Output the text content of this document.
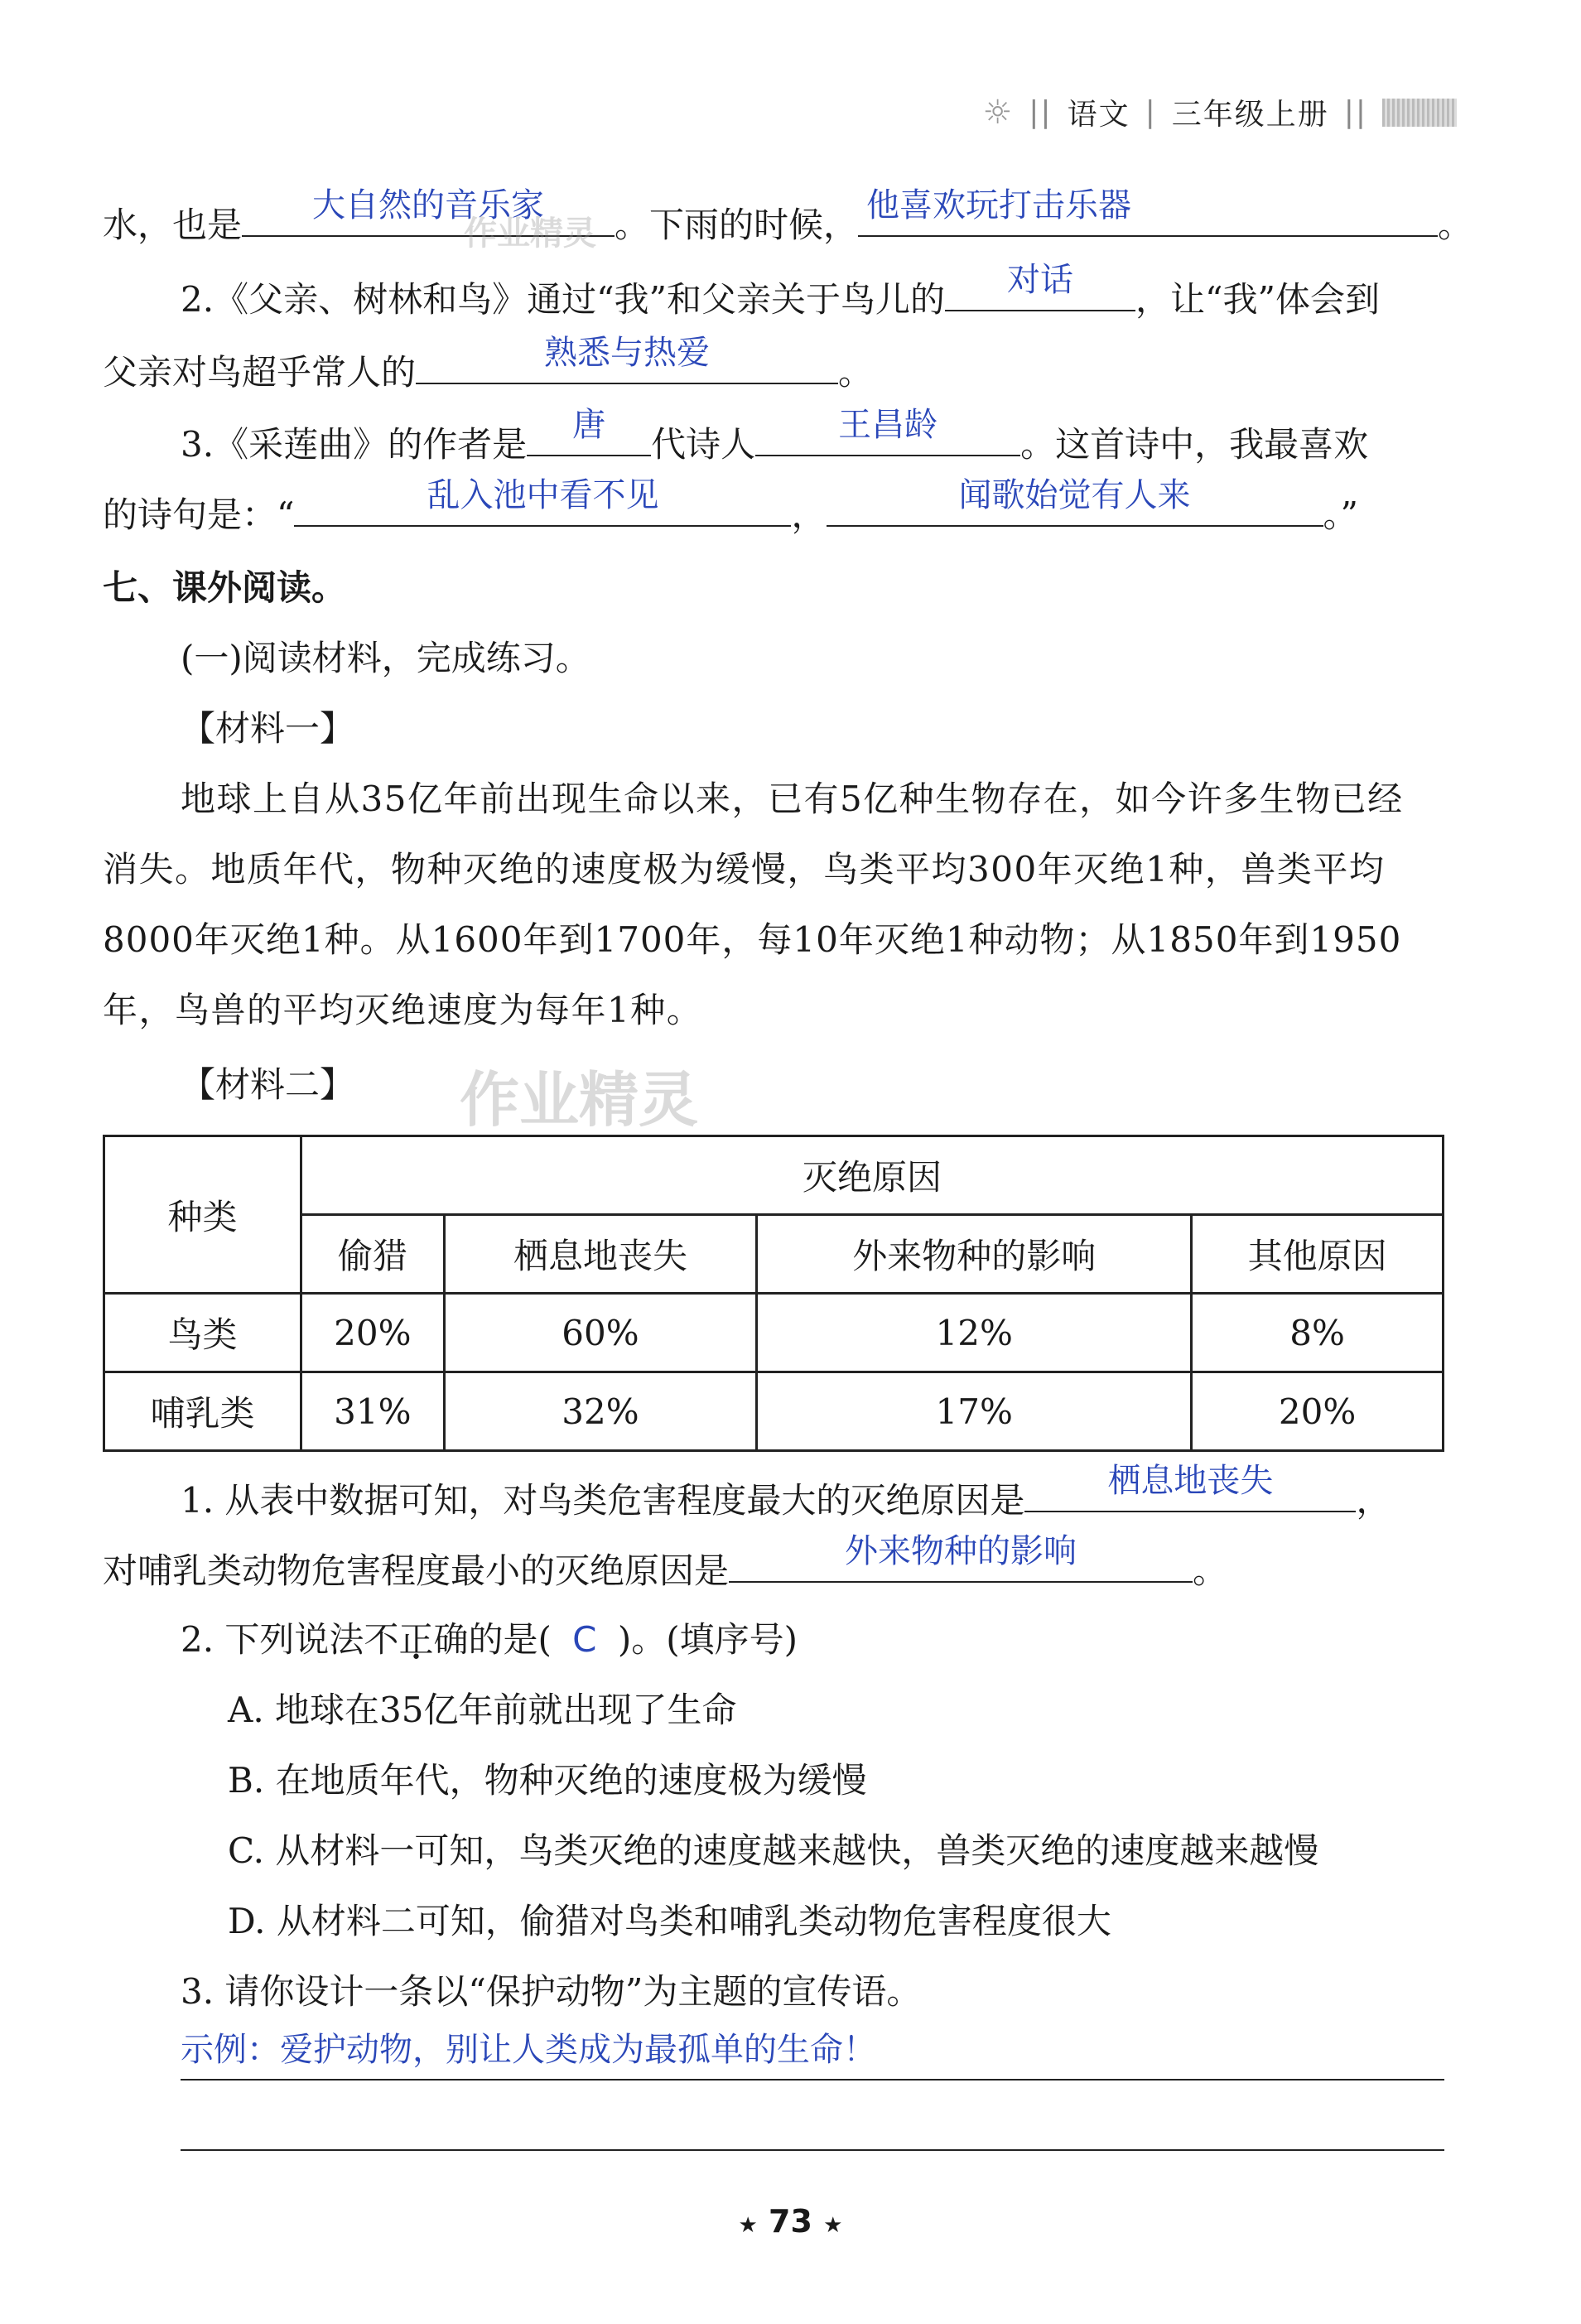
☼ || 语文 | 三年级上册 ||
水，也是	大自然的音乐家	。下雨的时候， 他喜欢玩打击乐器	。
2.《父亲、树林和鸟》通过“我”和父亲关于鸟儿的	对话	，让“我”体会到
父亲对鸟超乎常人的	熟悉与热爱	。
3.《采莲曲》的作者是	唐	代诗人	王昌龄	。这首诗中，我最喜欢
的诗句是：“	乱入池中看不见	，	闻歌始觉有人来	。”
作业精灵
七、课外阅读。
(一)阅读材料，完成练习。
【材料一】
地球上自从35亿年前出现生命以来，已有5亿种生物存在，如今许多生物已经
消失。地质年代，物种灭绝的速度极为缓慢，鸟类平均300年灭绝1种，兽类平均
8000年灭绝1种。从1600年到1700年，每10年灭绝1种动物；从1850年到1950
年，鸟兽的平均灭绝速度为每年1种。
【材料二】 作业精灵
种类	灭绝原因			
	偷猎	栖息地丧失	外来物种的影响	其他原因
鸟类	20%	60%	12%	8%
哺乳类	31%	32%	17%	20%
1. 从表中数据可知，对鸟类危害程度最大的灭绝原因是	栖息地丧失	，
对哺乳类动物危害程度最小的灭绝原因是	外来物种的影响	。
2. 下列说法不正确的是( C )。(填序号)
A. 地球在35亿年前就出现了生命
B. 在地质年代，物种灭绝的速度极为缓慢
C. 从材料一可知，鸟类灭绝的速度越来越快，兽类灭绝的速度越来越慢
D. 从材料二可知，偷猎对鸟类和哺乳类动物危害程度很大
3. 请你设计一条以“保护动物”为主题的宣传语。
示例：爱护动物，别让人类成为最孤单的生命！
★ 73 ★
